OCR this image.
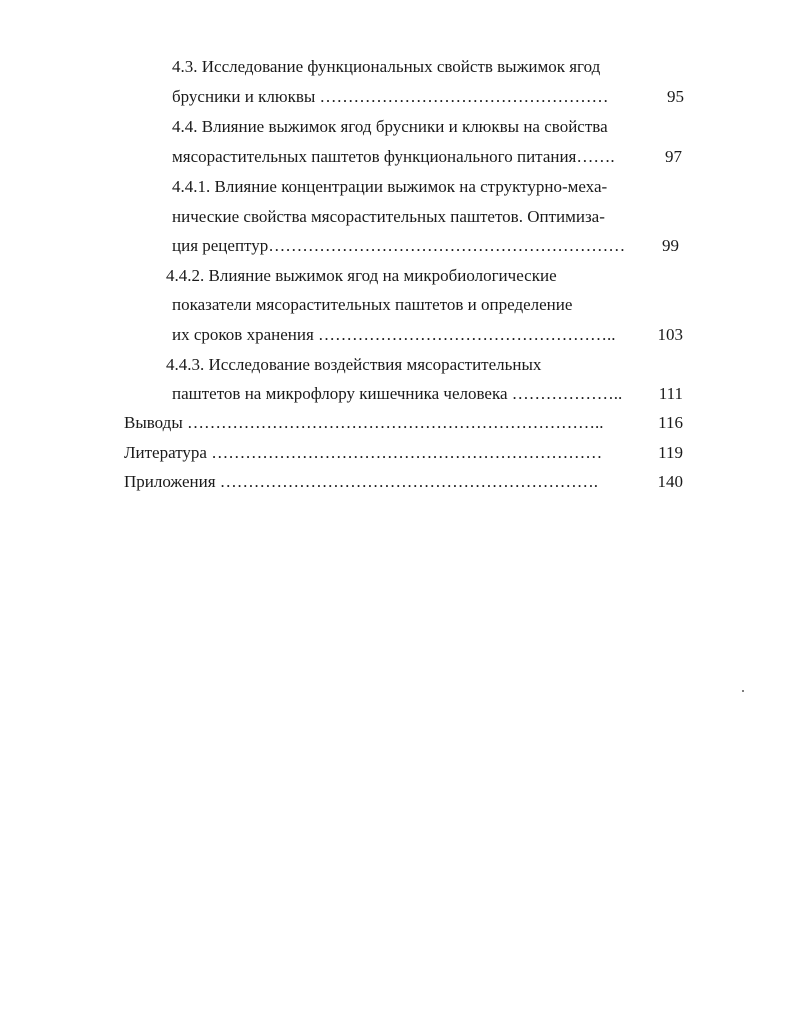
4.3. Исследование функциональных свойств выжимок ягод
брусники и клюквы ……………………………………………	95
4.4. Влияние выжимок ягод брусники и клюквы на свойства
мясорастительных паштетов функционального питания…….	97
4.4.1. Влияние концентрации выжимок на структурно-меха-
нические свойства мясорастительных паштетов. Оптимиза-
ция рецептур………………………………………………………	99
4.4.2. Влияние выжимок ягод на микробиологические
показатели мясорастительных паштетов и определение
их сроков хранения ……………………………………………..	103
4.4.3. Исследование воздействия мясорастительных
паштетов на микрофлору кишечника человека ………………..	111
Выводы ………………………………………………………………..	116
Литература ……………………………………………………………	119
Приложения ………………………………………………………….	140
